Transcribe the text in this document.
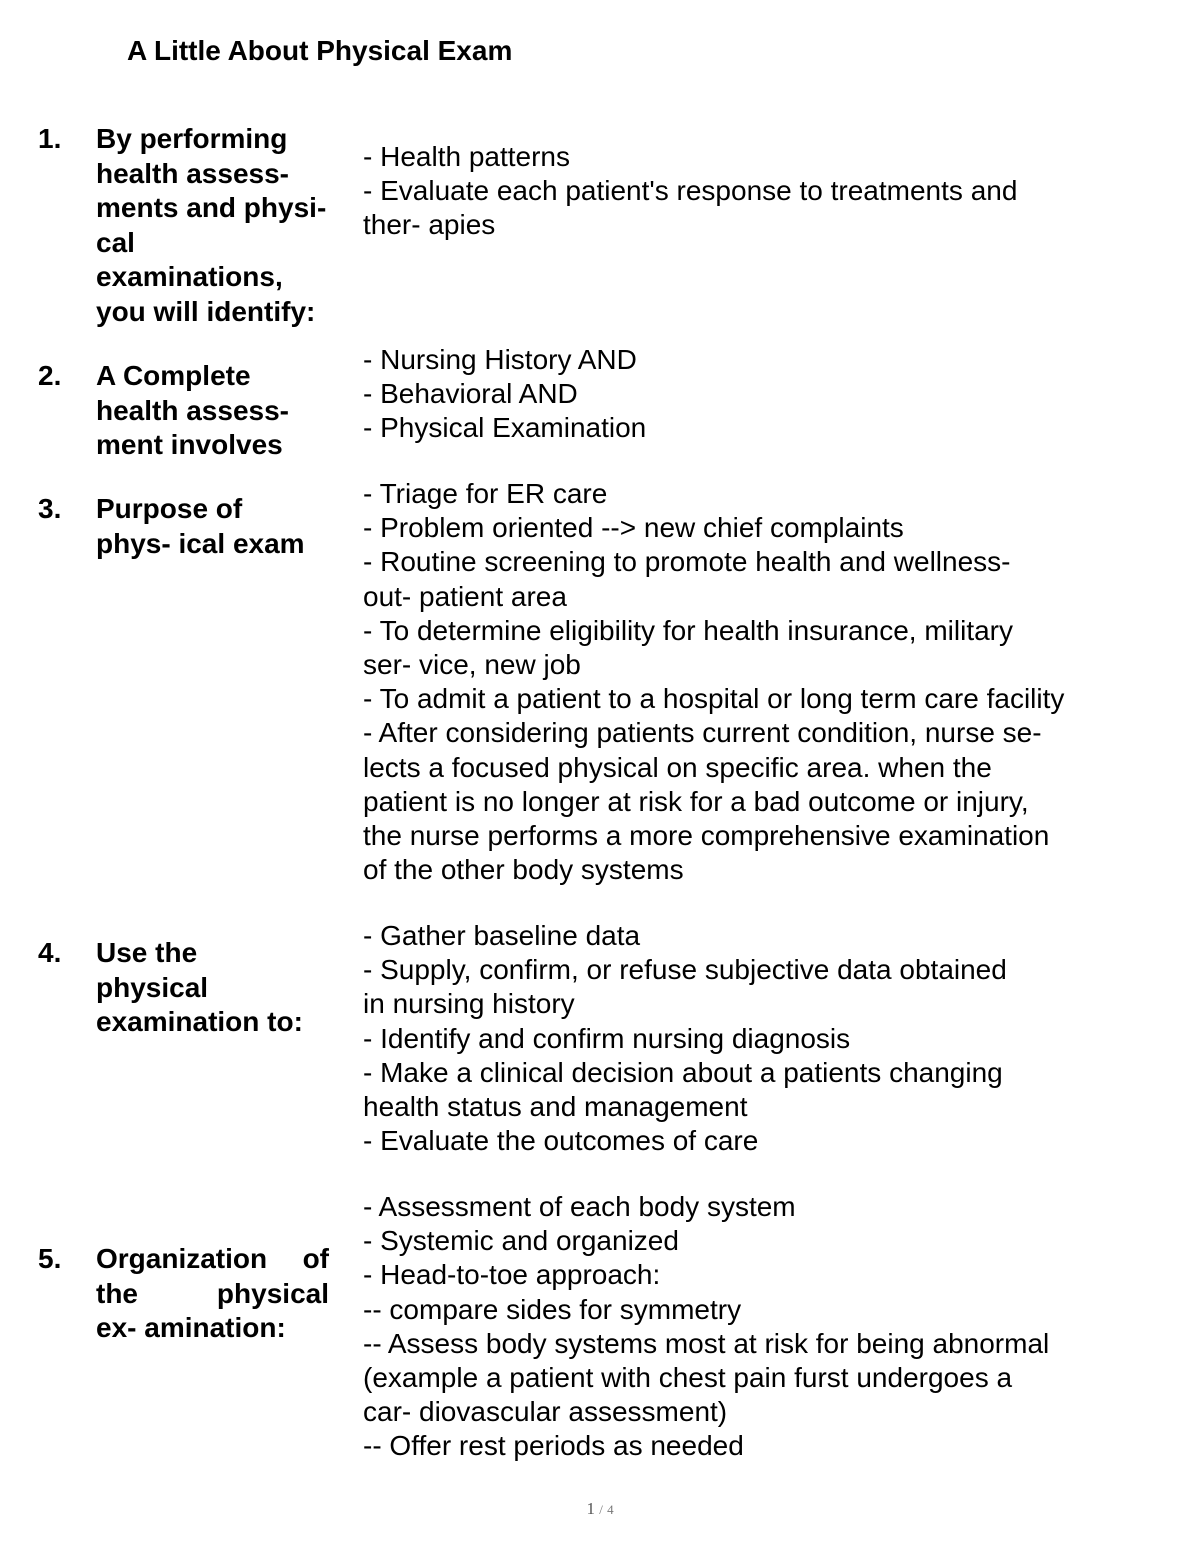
A Little About Physical Exam
1. By performing
health assess-
ments and physi-
cal
examinations,
you will identify:
- Health patterns
- Evaluate each patient's response to treatments and
ther- apies
2. A Complete
health assess-
ment involves
- Nursing History AND
- Behavioral AND
- Physical Examination
3. Purpose of
phys- ical exam
- Triage for ER care
- Problem oriented --> new chief complaints
- Routine screening to promote health and wellness-
out- patient area
- To determine eligibility for health insurance, military
ser- vice, new job
- To admit a patient to a hospital or long term care facility
- After considering patients current condition, nurse se-
lects a focused physical on specific area. when the
patient is no longer at risk for a bad outcome or injury,
the nurse performs a more comprehensive examination
of the other body systems
4. Use the
physical
examination to:
- Gather baseline data
- Supply, confirm, or refuse subjective data obtained
in nursing history
- Identify and confirm nursing diagnosis
- Make a clinical decision about a patients changing
health status and management
- Evaluate the outcomes of care
5. Organization of
the physical
ex- amination:
- Assessment of each body system
- Systemic and organized
- Head-to-toe approach:
-- compare sides for symmetry
-- Assess body systems most at risk for being abnormal
(example a patient with chest pain furst undergoes a
car- diovascular assessment)
-- Offer rest periods as needed
1 / 4
